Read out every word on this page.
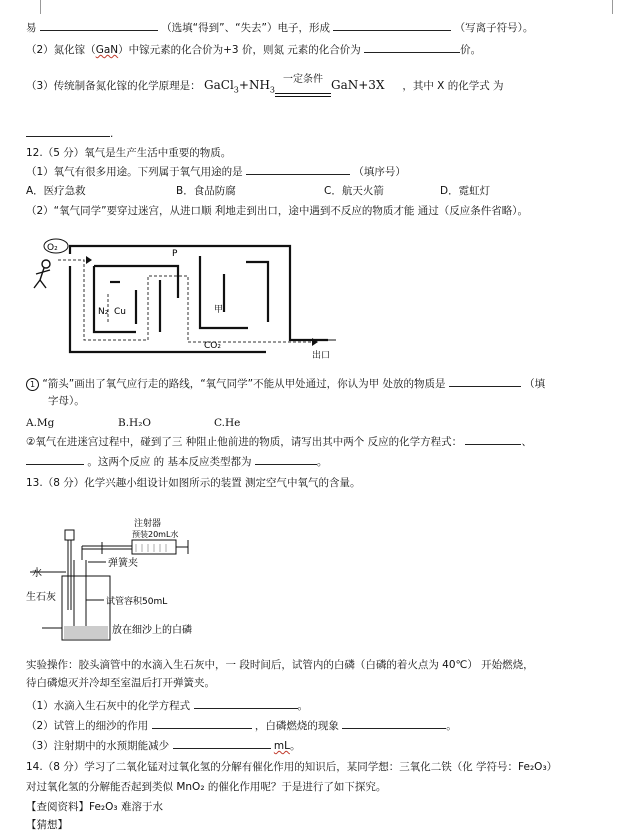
易	（选填“得到”、“失去”）电子，形成	（写离子符号）。
（2）氮化镓（GaN）中镓元素的化合价为+3 价，则氮 元素的化合价为	价。
（3）传统制备氮化镓的化学原理是： $GaCl_3+NH_3$
一定条件 GaN+3X ，其中 X 的化学式 为
.
12.（5 分）氧气是生产生活中重要的物质。
（1）氧气有很多用途。下列属于氧气用途的是	（填序号）
A．医疗急救	B．食品防腐	C．航天火箭	D．霓虹灯
（2）“氧气同学”要穿过迷宫，从进口顺 利地走到出口，途中遇到不反应的物质才能 通过（反应条件省略）。
O₂
P
N₂ Cu	甲
CO₂
出口
1 “箭头”画出了氧气应行走的路线，“氧气同学”不能从甲处通过，你认为甲 处放的物质是	（填
字母）。
A.Mg	B.H₂O	C.He
②氧气在进迷宫过程中，碰到了三 种阻止他前进的物质，请写出其中两个 反应的化学方程式：	、
。这两个反应 的 基本反应类型都为	。
13.（8 分）化学兴趣小组设计如图所示的装置 测定空气中氧气的含量。
注射器
预装20mL水
水
弹簧夹
试管容积50mL
生石灰
放在细沙上的白磷
实验操作：胶头滴管中的水滴入生石灰中，一 段时间后，试管内的白磷（白磷的着火点为 40℃） 开始燃烧，
待白磷熄灭并冷却至室温后打开弹簧夹。
（1）水滴入生石灰中的化学方程式	。
（2）试管上的细沙的作用	，白磷燃烧的现象	。
（3）注射期中的水预期能减少	mL。
14.（8 分）学习了二氧化锰对过氧化氢的分解有催化作用的知识后，某同学想：三氧化二铁（化 学符号：Fe₂O₃）
对过氧化氢的分解能否起到类似 MnO₂ 的催化作用呢？于是进行了如下探究。
【查阅资料】Fe₂O₃ 难溶于水
【猜想】
